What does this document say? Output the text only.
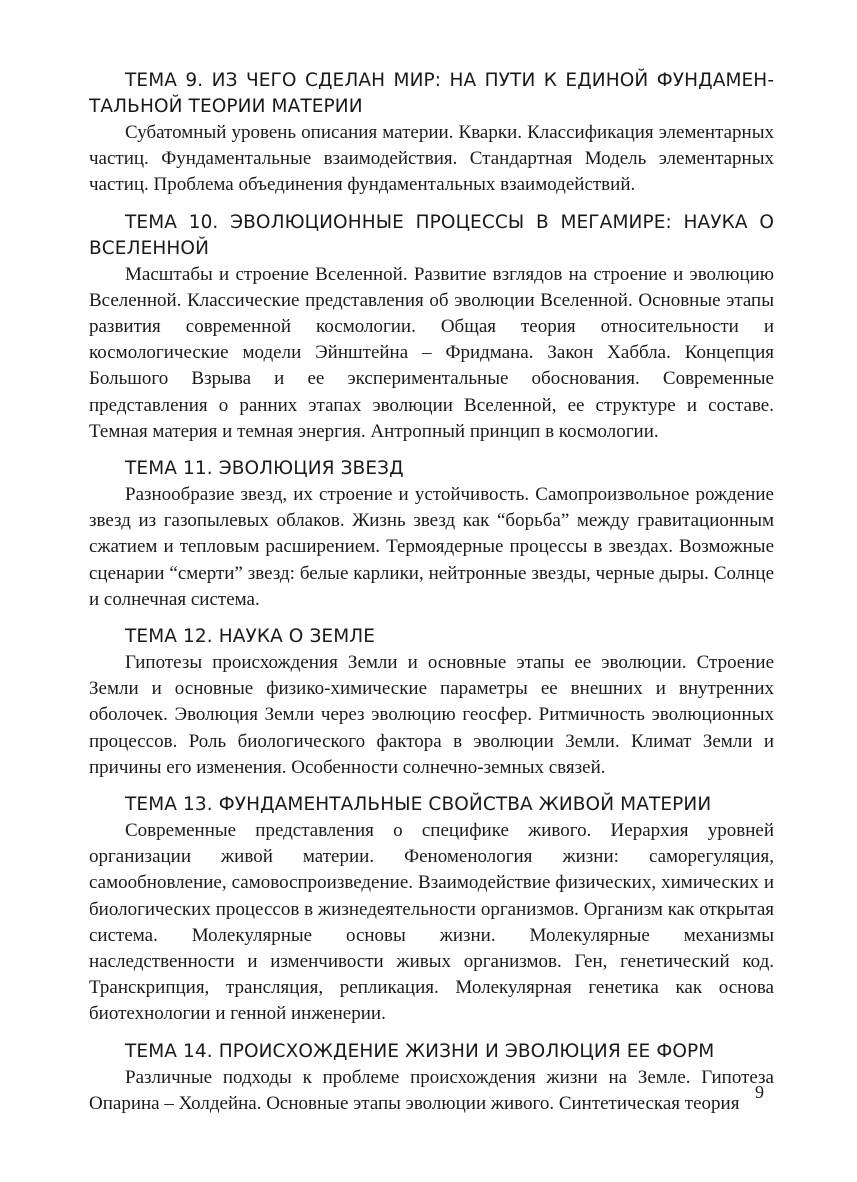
ТЕМА 9. ИЗ ЧЕГО СДЕЛАН МИР: НА ПУТИ К ЕДИНОЙ ФУНДАМЕНТАЛЬНОЙ ТЕОРИИ МАТЕРИИ

Субатомный уровень описания материи. Кварки. Классификация элементарных частиц. Фундаментальные взаимодействия. Стандартная Модель элементарных частиц. Проблема объединения фундаментальных взаимодействий.

ТЕМА 10. ЭВОЛЮЦИОННЫЕ ПРОЦЕССЫ В МЕГАМИРЕ: НАУКА О ВСЕЛЕННОЙ

Масштабы и строение Вселенной. Развитие взглядов на строение и эволюцию Вселенной. Классические представления об эволюции Вселенной. Основные этапы развития современной космологии. Общая теория относительности и космологические модели Эйнштейна – Фридмана. Закон Хаббла. Концепция Большого Взрыва и ее экспериментальные обоснования. Современные представления о ранних этапах эволюции Вселенной, ее структуре и составе. Темная материя и темная энергия. Антропный принцип в космологии.

ТЕМА 11. ЭВОЛЮЦИЯ ЗВЕЗД

Разнообразие звезд, их строение и устойчивость. Самопроизвольное рождение звезд из газопылевых облаков. Жизнь звезд как “борьба” между гравитационным сжатием и тепловым расширением. Термоядерные процессы в звездах. Возможные сценарии “смерти” звезд: белые карлики, нейтронные звезды, черные дыры. Солнце и солнечная система.

ТЕМА 12. НАУКА О ЗЕМЛЕ

Гипотезы происхождения Земли и основные этапы ее эволюции. Строение Земли и основные физико-химические параметры ее внешних и внутренних оболочек. Эволюция Земли через эволюцию геосфер. Ритмичность эволюционных процессов. Роль биологического фактора в эволюции Земли. Климат Земли и причины его изменения. Особенности солнечно-земных связей.

ТЕМА 13. ФУНДАМЕНТАЛЬНЫЕ СВОЙСТВА ЖИВОЙ МАТЕРИИ

Современные представления о специфике живого. Иерархия уровней организации живой материи. Феноменология жизни: саморегуляция, самообновление, самовоспроизведение. Взаимодействие физических, химических и биологических процессов в жизнедеятельности организмов. Организм как открытая система. Молекулярные основы жизни. Молекулярные механизмы наследственности и изменчивости живых организмов. Ген, генетический код. Транскрипция, трансляция, репликация. Молекулярная генетика как основа биотехнологии и генной инженерии.

ТЕМА 14. ПРОИСХОЖДЕНИЕ ЖИЗНИ И ЭВОЛЮЦИЯ ЕЕ ФОРМ

Различные подходы к проблеме происхождения жизни на Земле. Гипотеза Опарина – Холдейна. Основные этапы эволюции живого. Синтетическая теория

9
